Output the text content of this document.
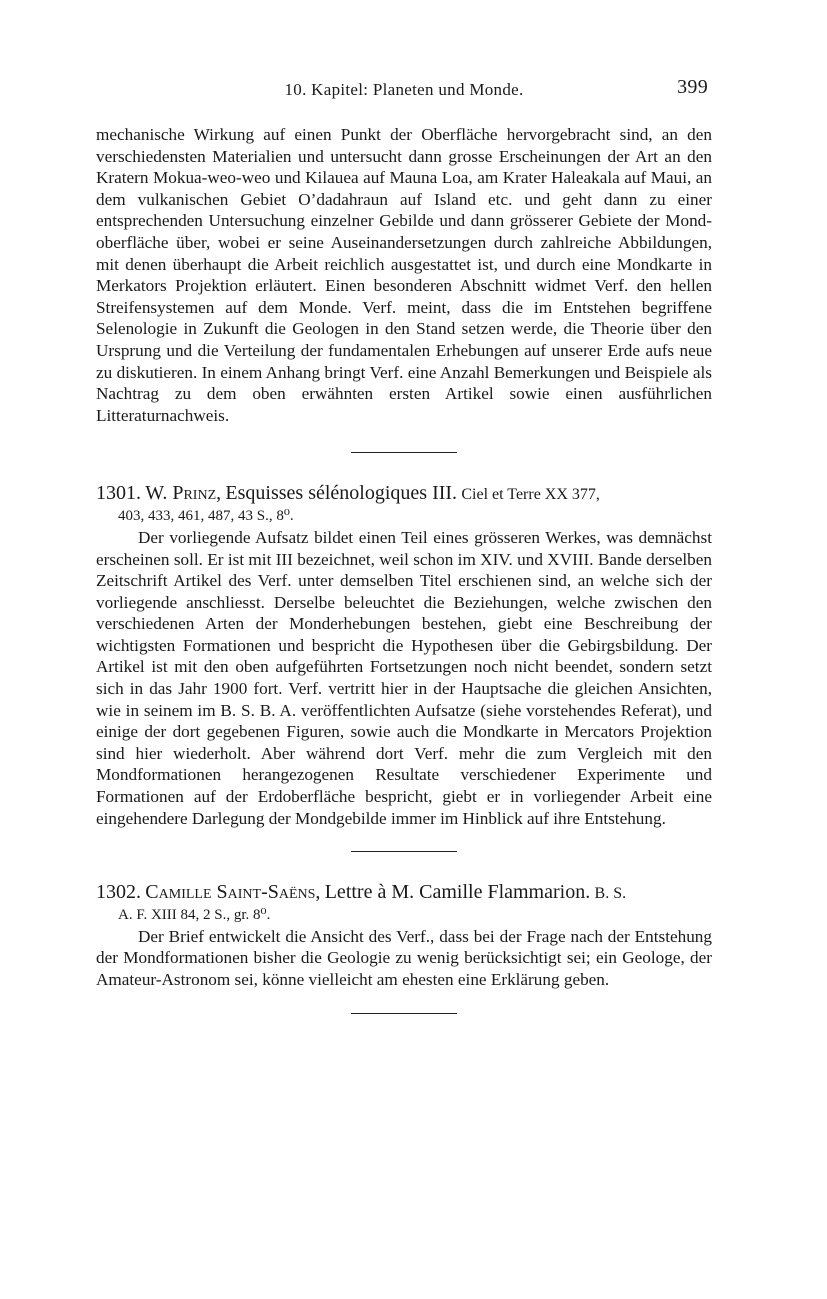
10. Kapitel: Planeten und Monde.	399

mechanische Wirkung auf einen Punkt der Oberfläche hervorgebracht sind, an den verschiedensten Materialien und untersucht dann grosse Erscheinungen der Art an den Kratern Mokua-weo-weo und Kilauea auf Mauna Loa, am Krater Haleakala auf Maui, an dem vulkanischen Gebiet O’dadahraun auf Island etc. und geht dann zu einer entsprechenden Untersuchung einzelner Gebilde und dann grösserer Gebiete der Mondoberfläche über, wobei er seine Auseinandersetzungen durch zahlreiche Abbildungen, mit denen überhaupt die Arbeit reichlich ausgestattet ist, und durch eine Mondkarte in Merkators Projektion erläutert. Einen besonderen Abschnitt widmet Verf. den hellen Streifensystemen auf dem Monde. Verf. meint, dass die im Entstehen begriffene Selenologie in Zukunft die Geologen in den Stand setzen werde, die Theorie über den Ursprung und die Verteilung der fundamentalen Erhebungen auf unserer Erde aufs neue zu diskutieren. In einem Anhang bringt Verf. eine Anzahl Bemerkungen und Beispiele als Nachtrag zu dem oben erwähnten ersten Artikel sowie einen ausführlichen Litteraturnachweis.

1301. W. Prinz, Esquisses sélénologiques III. Ciel et Terre XX 377,

403, 433, 461, 487, 43 S., 8⁰.

Der vorliegende Aufsatz bildet einen Teil eines grösseren Werkes, was demnächst erscheinen soll. Er ist mit III bezeichnet, weil schon im XIV. und XVIII. Bande derselben Zeitschrift Artikel des Verf. unter demselben Titel erschienen sind, an welche sich der vorliegende anschliesst. Derselbe beleuchtet die Beziehungen, welche zwischen den verschiedenen Arten der Monderhebungen bestehen, giebt eine Beschreibung der wichtigsten Formationen und bespricht die Hypothesen über die Gebirgsbildung. Der Artikel ist mit den oben aufgeführten Fortsetzungen noch nicht beendet, sondern setzt sich in das Jahr 1900 fort. Verf. vertritt hier in der Hauptsache die gleichen Ansichten, wie in seinem im B. S. B. A. veröffentlichten Aufsatze (siehe vorstehendes Referat), und einige der dort gegebenen Figuren, sowie auch die Mondkarte in Mercators Projektion sind hier wiederholt. Aber während dort Verf. mehr die zum Vergleich mit den Mondformationen herangezogenen Resultate verschiedener Experimente und Formationen auf der Erdoberfläche bespricht, giebt er in vorliegender Arbeit eine eingehendere Darlegung der Mondgebilde immer im Hinblick auf ihre Entstehung.

1302. Camille Saint-Saëns, Lettre à M. Camille Flammarion. B. S.

A. F. XIII 84, 2 S., gr. 8⁰.

Der Brief entwickelt die Ansicht des Verf., dass bei der Frage nach der Entstehung der Mondformationen bisher die Geologie zu wenig berücksichtigt sei; ein Geologe, der Amateur-Astronom sei, könne vielleicht am ehesten eine Erklärung geben.
